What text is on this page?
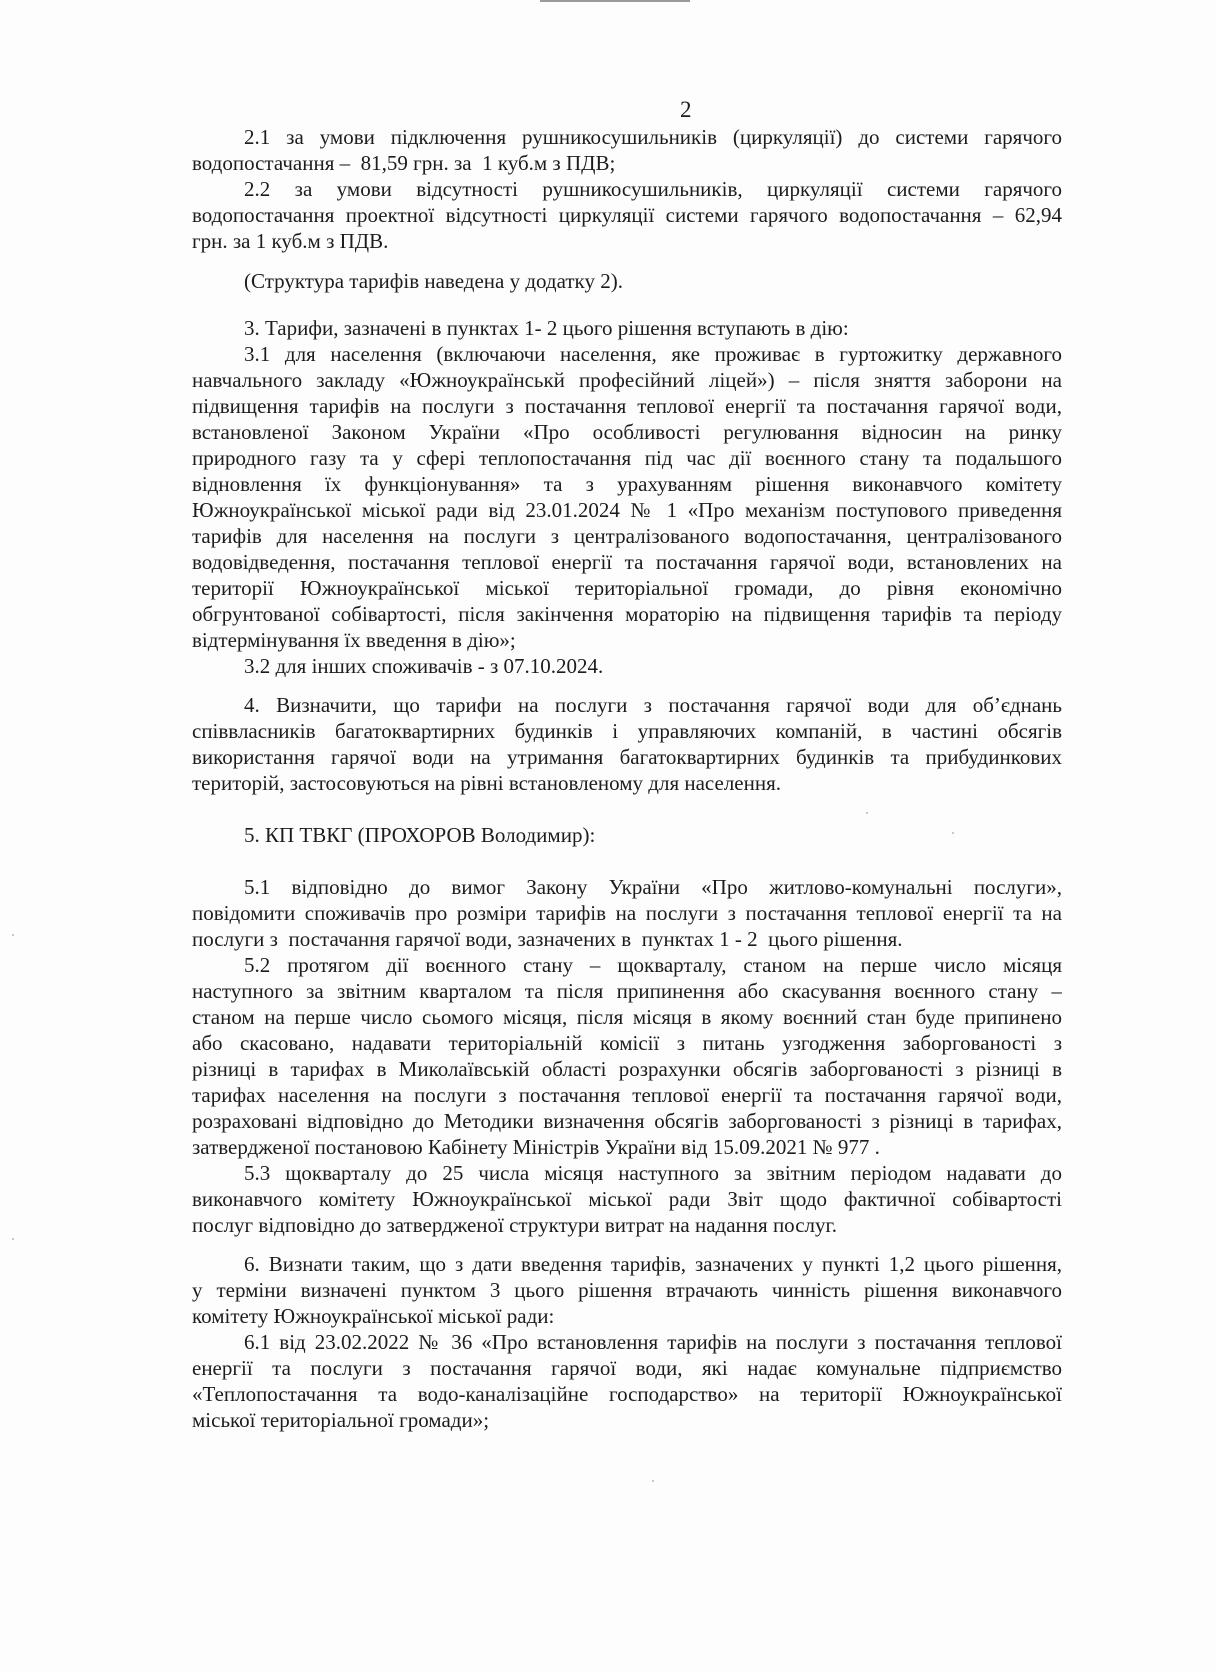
2
2.1 за умови підключення рушникосушильників (циркуляції) до системи гарячого
водопостачання –  81,59 грн. за  1 куб.м з ПДВ;
2.2 за умови відсутності рушникосушильників, циркуляції системи гарячого
водопостачання проектної відсутності циркуляції системи гарячого водопостачання – 62,94
грн. за 1 куб.м з ПДВ.
(Структура тарифів наведена у додатку 2).
3. Тарифи, зазначені в пунктах 1- 2 цього рішення вступають в дію:
3.1 для населення (включаючи населення, яке проживає в гуртожитку державного
навчального закладу «Южноукраїнськй професійний ліцей») – після зняття заборони на
підвищення тарифів на послуги з постачання теплової енергії та постачання гарячої води,
встановленої Законом України «Про особливості регулювання відносин на ринку
природного газу та у сфері теплопостачання під час дії воєнного стану та подальшого
відновлення їх функціонування» та з урахуванням рішення виконавчого комітету
Южноукраїнської міської ради від 23.01.2024 № 1 «Про механізм поступового приведення
тарифів для населення на послуги з централізованого водопостачання, централізованого
водовідведення, постачання теплової енергії та постачання гарячої води, встановлених на
території Южноукраїнської міської територіальної громади, до рівня економічно
обгрунтованої собівартості, після закінчення мораторію на підвищення тарифів та періоду
відтермінування їх введення в дію»;
3.2 для інших споживачів - з 07.10.2024.
4. Визначити, що тарифи на послуги з постачання гарячої води для об’єднань
співвласників багатоквартирних будинків і управляючих компаній, в частині обсягів
використання гарячої води на утримання багатоквартирних будинків та прибудинкових
територій, застосовуються на рівні встановленому для населення.
5. КП ТВКГ (ПРОХОРОВ Володимир):
5.1 відповідно до вимог Закону України «Про житлово-комунальні послуги»,
повідомити споживачів про розміри тарифів на послуги з постачання теплової енергії та на
послуги з  постачання гарячої води, зазначених в  пунктах 1 - 2  цього рішення.
5.2 протягом дії воєнного стану – щокварталу, станом на перше число місяця
наступного за звітним кварталом та після припинення або скасування воєнного стану –
станом на перше число сьомого місяця, після місяця в якому воєнний стан буде припинено
або скасовано, надавати територіальній комісії з питань узгодження заборгованості з
різниці в тарифах в Миколаївській області розрахунки обсягів заборгованості з різниці в
тарифах населення на послуги з постачання теплової енергії та постачання гарячої води,
розраховані відповідно до Методики визначення обсягів заборгованості з різниці в тарифах,
затвердженої постановою Кабінету Міністрів України від 15.09.2021 № 977 .
5.3 щокварталу до 25 числа місяця наступного за звітним періодом надавати до
виконавчого комітету Южноукраїнської міської ради Звіт щодо фактичної собівартості
послуг відповідно до затвердженої структури витрат на надання послуг.
6. Визнати таким, що з дати введення тарифів, зазначених у пункті 1,2 цього рішення,
у терміни визначені пунктом 3 цього рішення втрачають чинність рішення виконавчого
комітету Южноукраїнської міської ради:
6.1 від 23.02.2022 № 36 «Про встановлення тарифів на послуги з постачання теплової
енергії та послуги з постачання гарячої води, які надає комунальне підприємство
«Теплопостачання та водо-каналізаційне господарство» на території Южноукраїнської
міської територіальної громади»;
